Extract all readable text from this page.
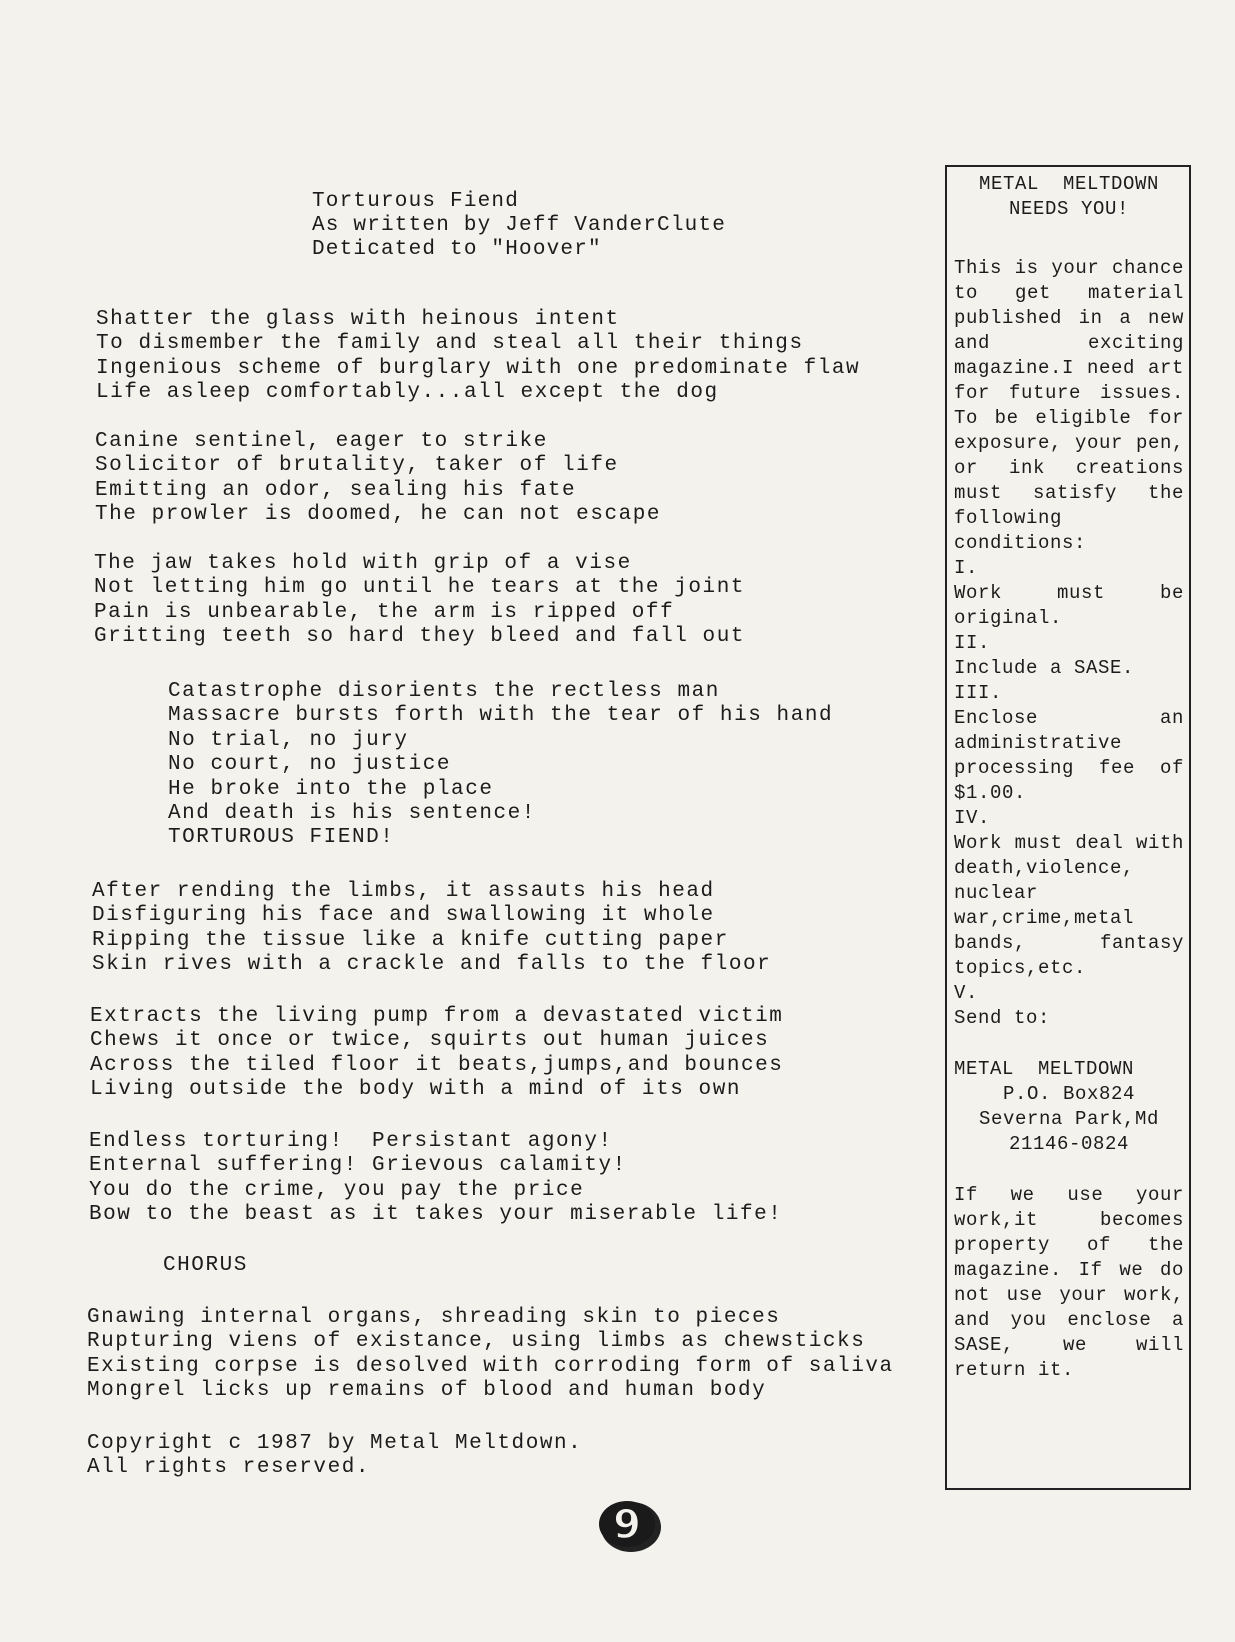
Torturous Fiend
As written by Jeff VanderClute
Deticated to "Hoover"
Shatter the glass with heinous intent
To dismember the family and steal all their things
Ingenious scheme of burglary with one predominate flaw
Life asleep comfortably...all except the dog
Canine sentinel, eager to strike
Solicitor of brutality, taker of life
Emitting an odor, sealing his fate
The prowler is doomed, he can not escape
The jaw takes hold with grip of a vise
Not letting him go until he tears at the joint
Pain is unbearable, the arm is ripped off
Gritting teeth so hard they bleed and fall out
Catastrophe disorients the rectless man
Massacre bursts forth with the tear of his hand
No trial, no jury
No court, no justice
He broke into the place
And death is his sentence!
TORTUROUS FIEND!
After rending the limbs, it assauts his head
Disfiguring his face and swallowing it whole
Ripping the tissue like a knife cutting paper
Skin rives with a crackle and falls to the floor
Extracts the living pump from a devastated victim
Chews it once or twice, squirts out human juices
Across the tiled floor it beats,jumps,and bounces
Living outside the body with a mind of its own
Endless torturing!  Persistant agony!
Enternal suffering! Grievous calamity!
You do the crime, you pay the price
Bow to the beast as it takes your miserable life!
CHORUS
Gnawing internal organs, shreading skin to pieces
Rupturing viens of existance, using limbs as chewsticks
Existing corpse is desolved with corroding form of saliva
Mongrel licks up remains of blood and human body
Copyright c 1987 by Metal Meltdown.
All rights reserved.
METAL  MELTDOWN
NEEDS YOU!
This is your chance to get material published in a new and exciting magazine.I need art for future issues. To be eligible for exposure, your pen, or ink creations must satisfy the following conditions:
I.
Work must be original.
II.
Include a SASE.
III.
Enclose an administrative processing fee of $1.00.
IV.
Work must deal with death,violence, nuclear war,crime,metal bands, fantasy topics,etc.
V.
Send to:
METAL  MELTDOWN
P.O. Box824
Severna Park,Md
21146-0824
If we use your work,it becomes property of the magazine. If we do not use your work, and you enclose a SASE, we will return it.
9
